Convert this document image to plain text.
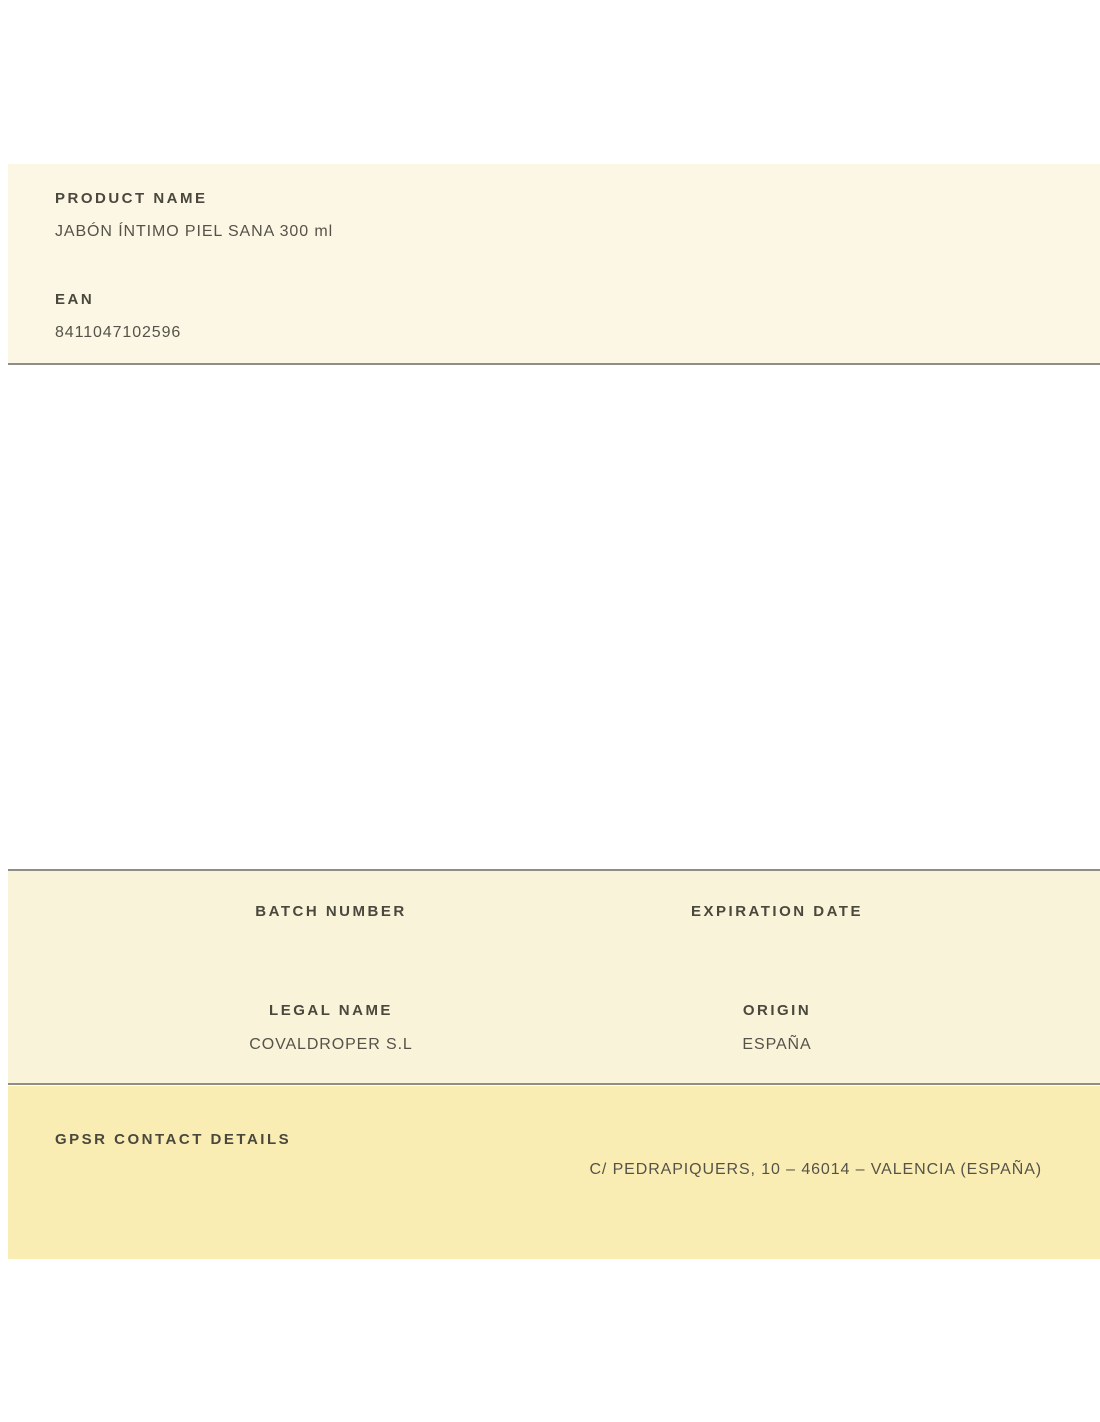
PRODUCT NAME
JABÓN ÍNTIMO PIEL SANA 300 ml
EAN
8411047102596
BATCH NUMBER	EXPIRATION DATE
LEGAL NAME	ORIGIN
COVALDROPER S.L	ESPAÑA
GPSR CONTACT DETAILS
C/ PEDRAPIQUERS, 10 – 46014 – VALENCIA (ESPAÑA)
